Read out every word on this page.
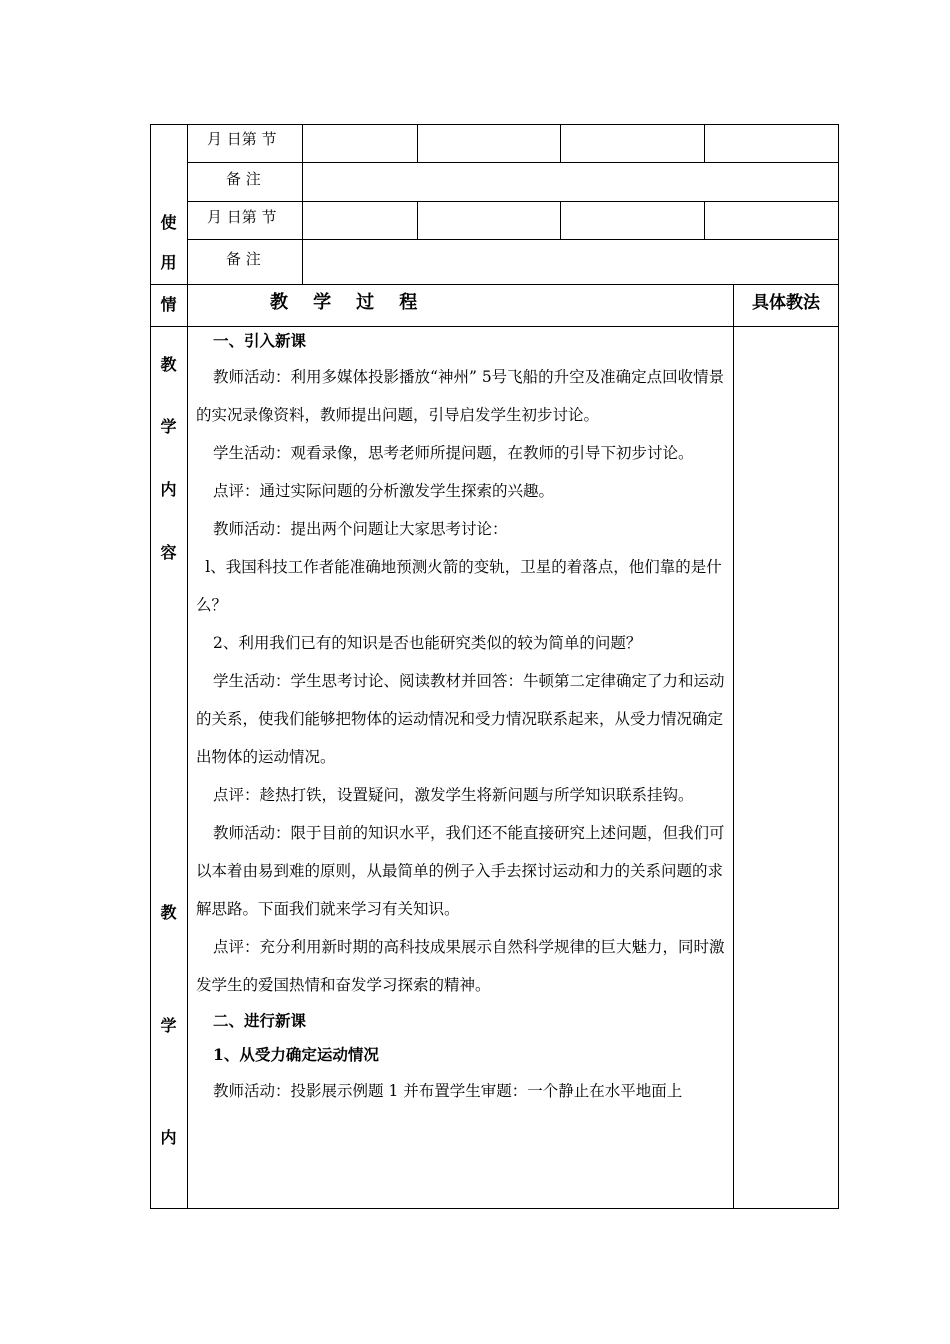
月 日第 节
备 注
月 日第 节
备 注
使
用
情
教
学
内
容
教
学
内
教    学    过    程	具体教法

一、引入新课

教师活动：利用多媒体投影播放“神州” 5号飞船的升空及准确定点回收情景的实况录像资料，教师提出问题，引导启发学生初步讨论。

学生活动：观看录像，思考老师所提问题，在教师的引导下初步讨论。

点评：通过实际问题的分析激发学生探索的兴趣。

教师活动：提出两个问题让大家思考讨论：

l、我国科技工作者能准确地预测火箭的变轨，卫星的着落点，他们靠的是什么？

2、利用我们已有的知识是否也能研究类似的较为简单的问题？

学生活动：学生思考讨论、阅读教材并回答：牛顿第二定律确定了力和运动的关系，使我们能够把物体的运动情况和受力情况联系起来，从受力情况确定出物体的运动情况。

点评：趁热打铁，设置疑问，激发学生将新问题与所学知识联系挂钩。

教师活动：限于目前的知识水平，我们还不能直接研究上述问题，但我们可以本着由易到难的原则，从最简单的例子入手去探讨运动和力的关系问题的求解思路。下面我们就来学习有关知识。

点评：充分利用新时期的高科技成果展示自然科学规律的巨大魅力，同时激发学生的爱国热情和奋发学习探索的精神。

二、进行新课

1、从受力确定运动情况

教师活动：投影展示例题 1 并布置学生审题：一个静止在水平地面上
